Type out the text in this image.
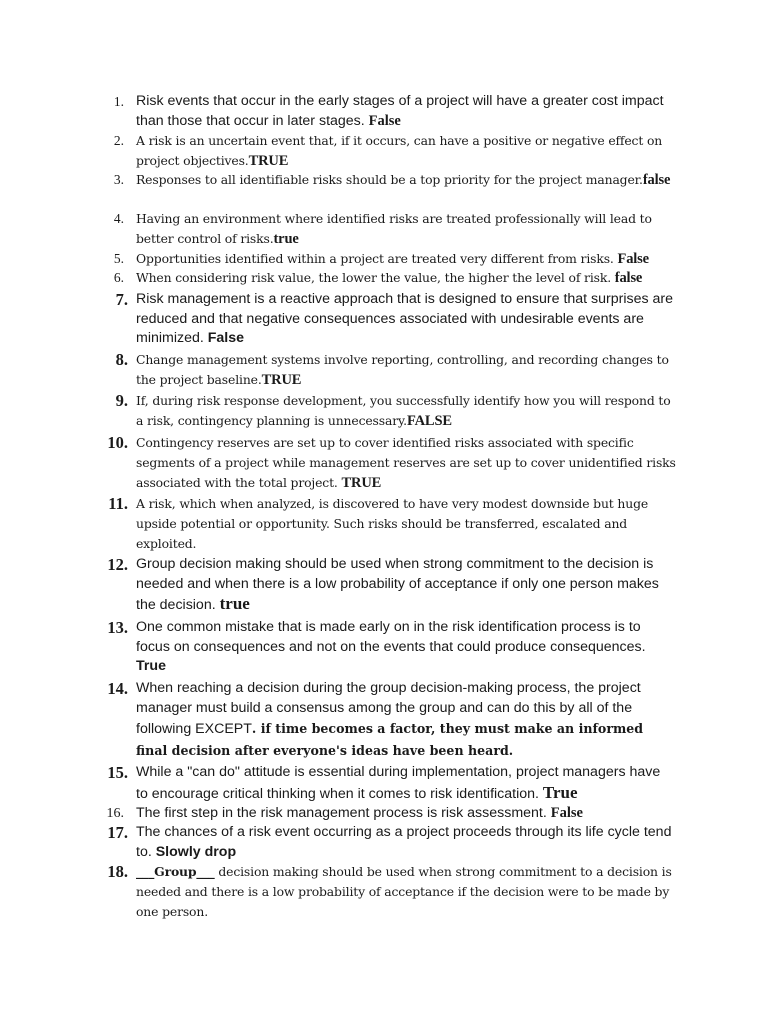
1. Risk events that occur in the early stages of a project will have a greater cost impact than those that occur in later stages. False

2. A risk is an uncertain event that, if it occurs, can have a positive or negative effect on project objectives.TRUE

3. Responses to all identifiable risks should be a top priority for the project manager.false

4. Having an environment where identified risks are treated professionally will lead to better control of risks.true

5. Opportunities identified within a project are treated very different from risks. False

6. When considering risk value, the lower the value, the higher the level of risk. false

7. Risk management is a reactive approach that is designed to ensure that surprises are reduced and that negative consequences associated with undesirable events are minimized. False

8. Change management systems involve reporting, controlling, and recording changes to the project baseline.TRUE

9. If, during risk response development, you successfully identify how you will respond to a risk, contingency planning is unnecessary.FALSE

10. Contingency reserves are set up to cover identified risks associated with specific segments of a project while management reserves are set up to cover unidentified risks associated with the total project. TRUE

11. A risk, which when analyzed, is discovered to have very modest downside but huge upside potential or opportunity. Such risks should be transferred, escalated and exploited.

12. Group decision making should be used when strong commitment to the decision is needed and when there is a low probability of acceptance if only one person makes the decision. true

13. One common mistake that is made early on in the risk identification process is to focus on consequences and not on the events that could produce consequences.
True

14. When reaching a decision during the group decision-making process, the project manager must build a consensus among the group and can do this by all of the following EXCEPT. if time becomes a factor, they must make an informed final decision after everyone's ideas have been heard.

15. While a "can do" attitude is essential during implementation, project managers have to encourage critical thinking when it comes to risk identification. True

16. The first step in the risk management process is risk assessment. False

17. The chances of a risk event occurring as a project proceeds through its life cycle tend to. Slowly drop

18. ___Group___ decision making should be used when strong commitment to a decision is needed and there is a low probability of acceptance if the decision were to be made by one person.
